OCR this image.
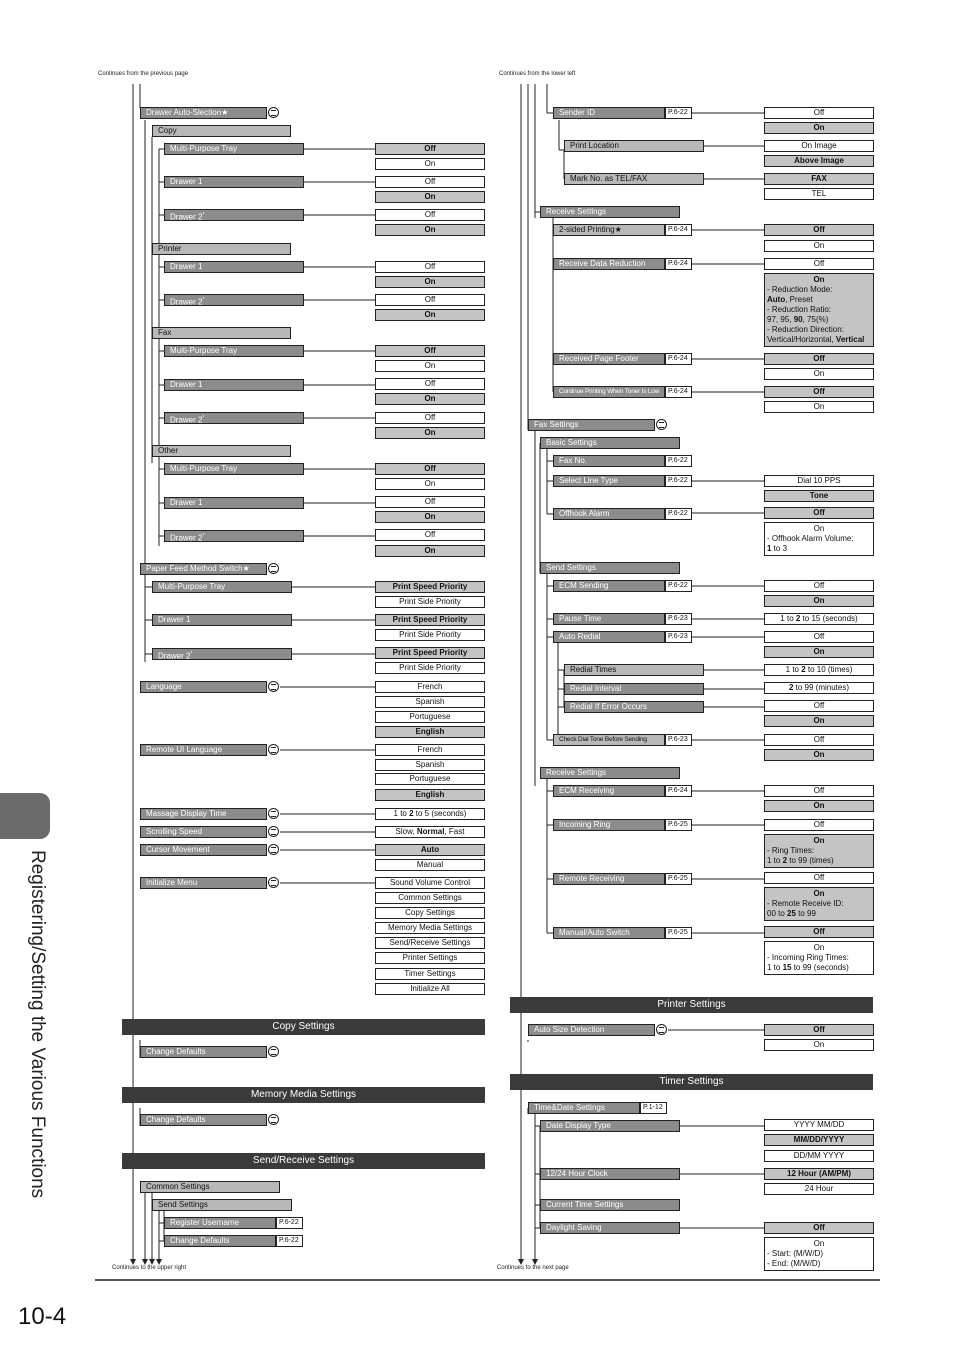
Continues from the previous page	Continues from the lower left
Continues to the upper right	Continues to the next page
Drawer Auto-Slection★
Copy
Multi-Purpose Tray	Off
On
Drawer 1	Off
On
Drawer 2*	Off
On
Printer
Drawer 1	Off
On
Drawer 2*	Off
On
Fax
Multi-Purpose Tray	Off
On
Drawer 1	Off
On
Drawer 2*	Off
On
Other
Multi-Purpose Tray	Off
On
Drawer 1	Off
On
Drawer 2*	Off
On
Paper Feed Method Switch★
Multi-Purpose Tray	Print Speed Priority
Print Side Priority
Drawer 1	Print Speed Priority
Print Side Priority
Drawer 2*	Print Speed Priority
Print Side Priority
Language	French
Spanish
Portuguese
English
Remote UI Language	French
Spanish
Portuguese
English
Massage Display Time	1 to 2 to 5 (seconds)
Scrolling Speed	Slow, Normal, Fast
Cursor Movement	Auto
Manual
Initialize Menu	Sound Volume Control
Common Settings
Copy Settings
Memory Media Settings
Send/Receive Settings
Printer Settings
Timer Settings
Initialize All
Copy Settings
Change Defaults
Memory Media Settings
Change Defaults
Send/Receive Settings
Common Settings
Send Settings
Register Username	P.6-22
Change Defaults	P.6-22
Sender ID	P.6-22	Off
On
Print Location	On Image
Above Image
Mark No. as TEL/FAX	FAX
TEL
Receive Settings
2-sided Printing★	P.6-24	Off
On
Receive Data Reduction	P.6-24	Off
On
- Reduction Mode:
Auto, Preset
- Reduction Ratio:
97, 95, 90, 75(%)
- Reduction Direction:
Vertical/Horizontal, Vertical
Received Page Footer	P.6-24	Off
On
Continue Printing When Toner Is Low	P.6-24	Off
On
Fax Settings
Basic Settings
Fax No.	P.6-22
Select Line Type	P.6-22	Dial 10 PPS
Tone
Offhook Alarm	P.6-22	Off
On
- Offhook Alarm Volume:
1 to 3
Send Settings
ECM Sending	P.6-22	Off
On
Pause Time	P.6-23	1 to 2 to 15 (seconds)
Auto Redial	P.6-23	Off
On
Redial Times	1 to 2 to 10 (times)
Redial Interval	2 to 99 (minutes)
Redial If Error Occurs	Off
On
Check Dial Tone Before Sending	P.6-23	Off
On
Receive Settings
ECM Receiving	P.6-24	Off
On
Incoming Ring	P.6-25	Off
On
- Ring Times:
1 to 2 to 99 (times)
Remote Receiving	P.6-25	Off
On
- Remote Receive ID:
00 to 25 to 99
Manual/Auto Switch	P.6-25	Off
On
- Incoming Ring Times:
1 to 15 to 99 (seconds)
Printer Settings
Auto Size Detection	Off
On
Timer Settings
Time&Date Settings	P.1-12
Date Display Type	YYYY MM/DD
MM/DD/YYYY
DD/MM YYYY
12/24 Hour Clock	12 Hour (AM/PM)
24 Hour
Current Time Settings
Daylight Saving	Off
On
- Start: (M/W/D)
- End: (M/W/D)
Registering/Setting the Various Functions
10-4
